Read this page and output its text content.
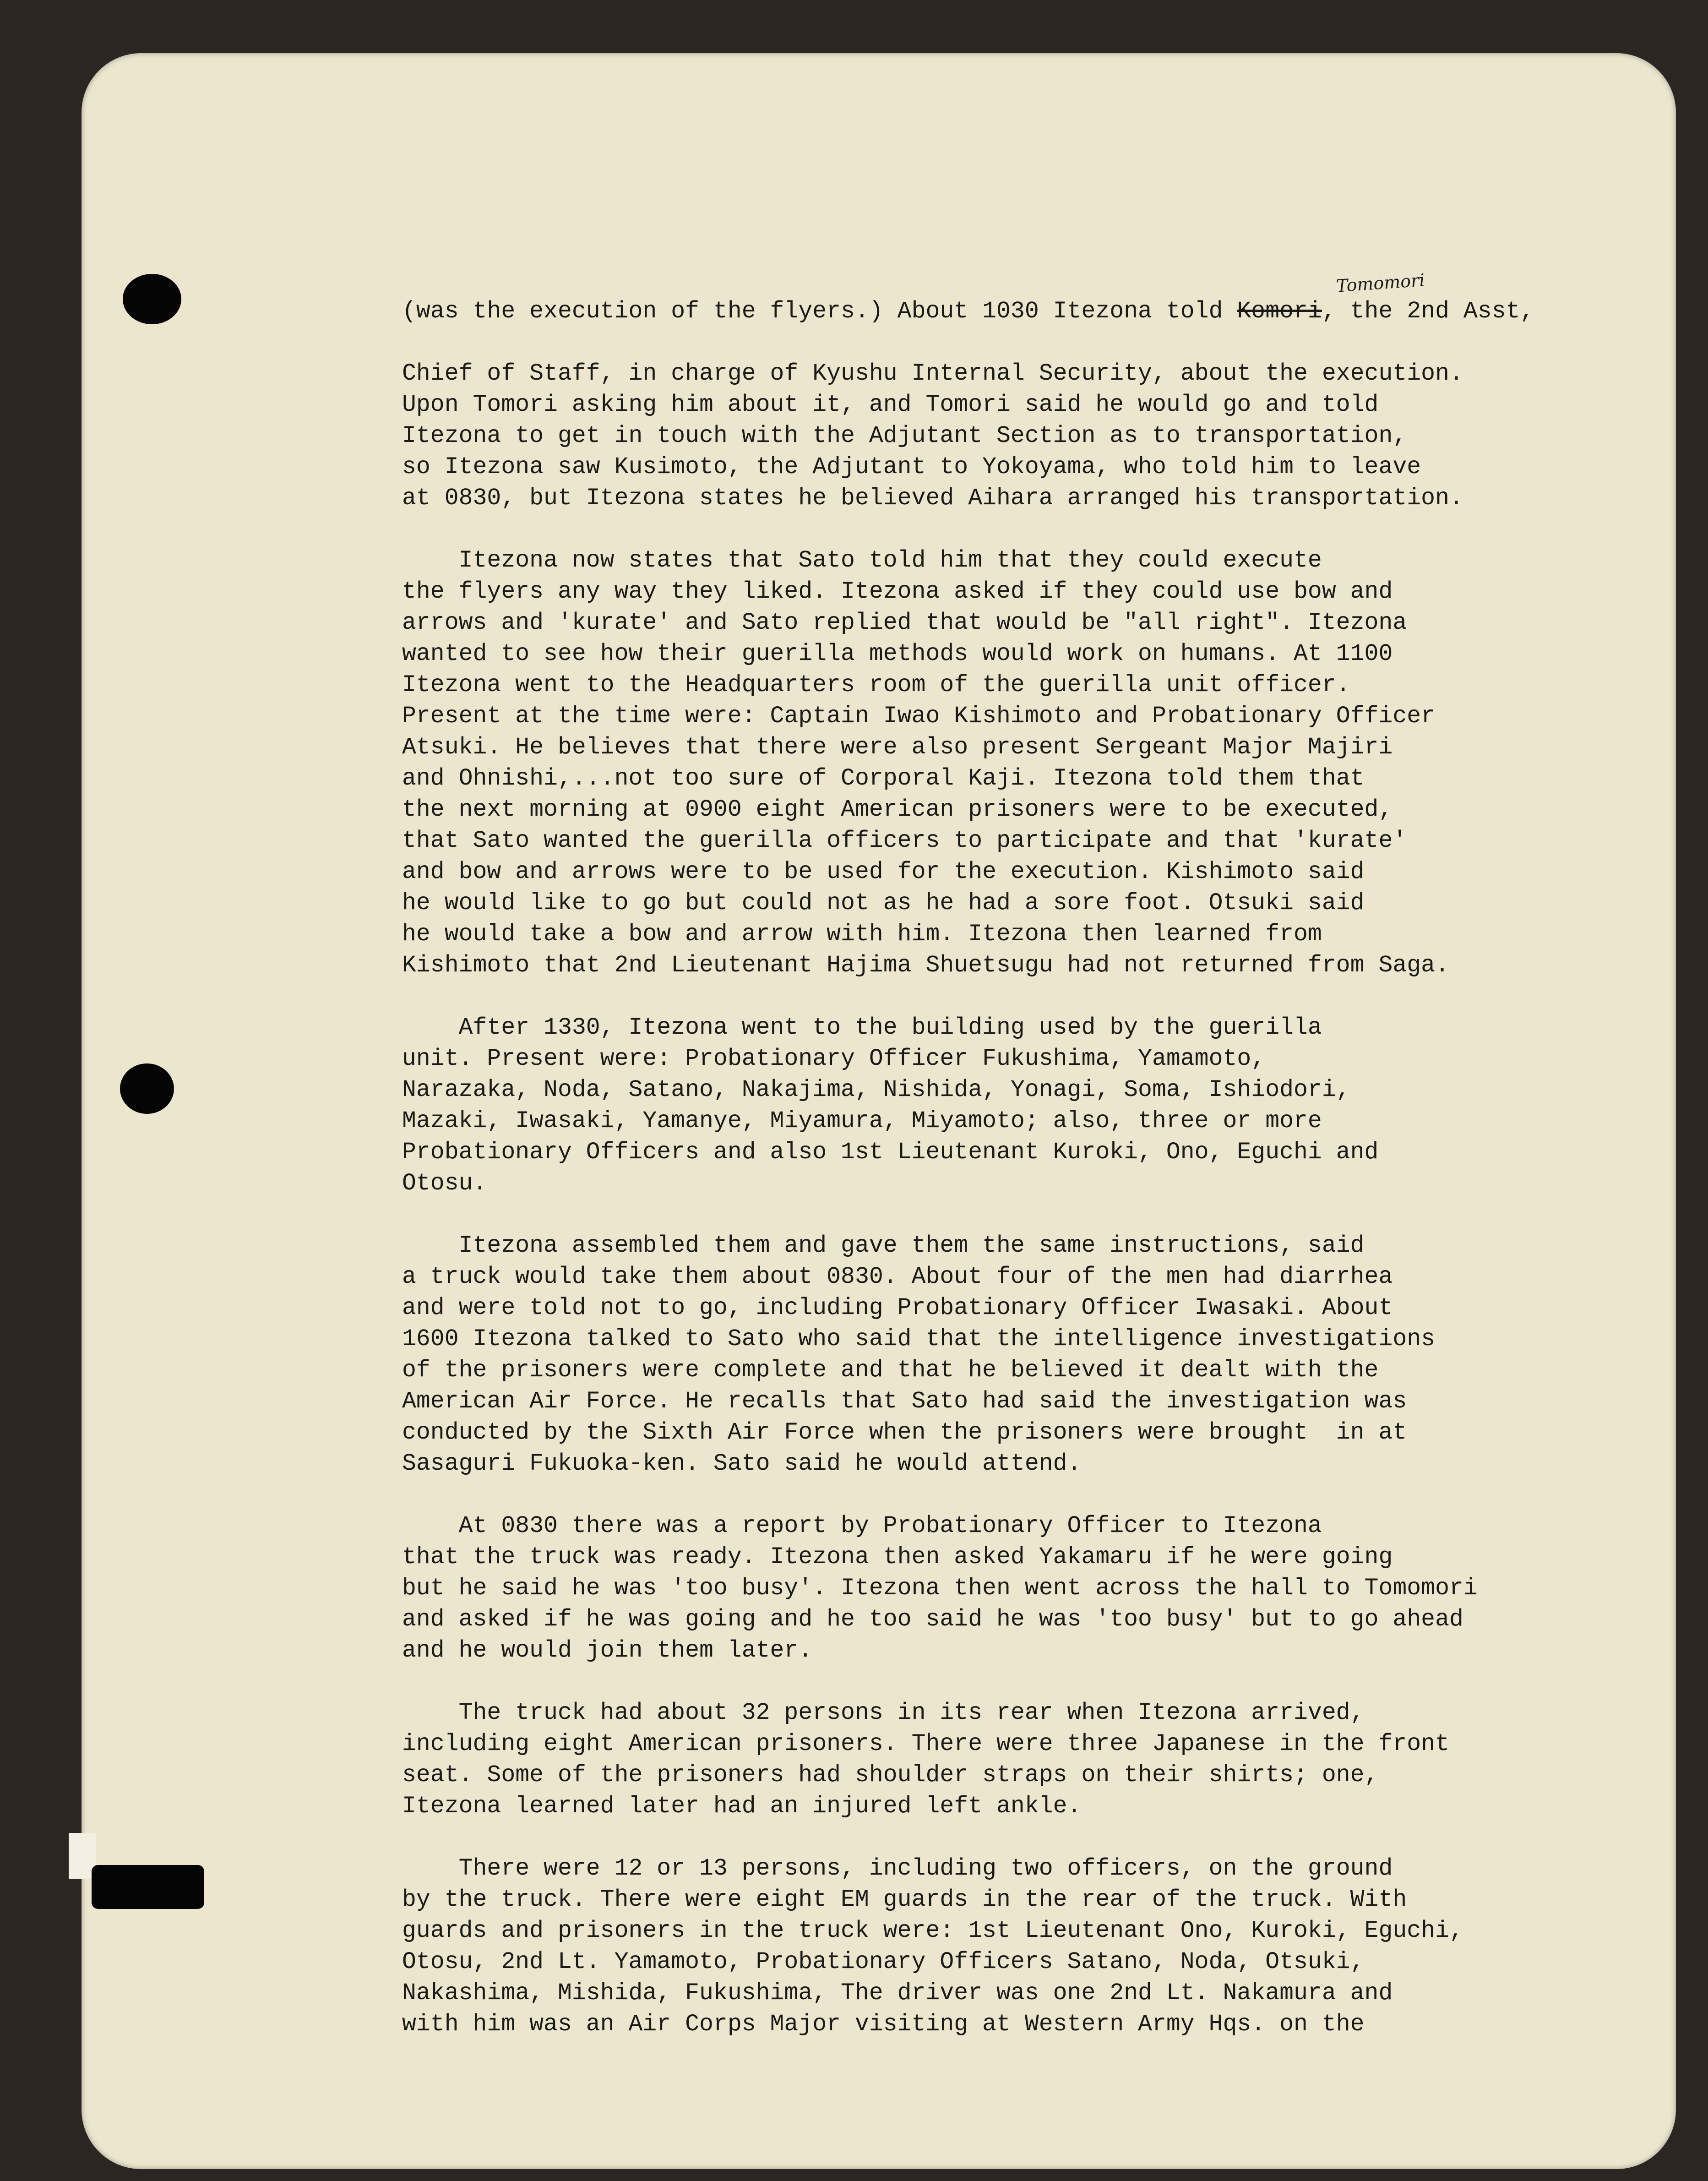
Tomomori
(was the execution of the flyers.) About 1030 Itezona told Komori, the 2nd Asst,
Chief of Staff, in charge of Kyushu Internal Security, about the execution.
Upon Tomori asking him about it, and Tomori said he would go and told
Itezona to get in touch with the Adjutant Section as to transportation,
so Itezona saw Kusimoto, the Adjutant to Yokoyama, who told him to leave
at 0830, but Itezona states he believed Aihara arranged his transportation.
Itezona now states that Sato told him that they could execute
the flyers any way they liked. Itezona asked if they could use bow and
arrows and 'kurate' and Sato replied that would be "all right". Itezona
wanted to see how their guerilla methods would work on humans. At 1100
Itezona went to the Headquarters room of the guerilla unit officer.
Present at the time were: Captain Iwao Kishimoto and Probationary Officer
Atsuki. He believes that there were also present Sergeant Major Majiri
and Ohnishi,...not too sure of Corporal Kaji. Itezona told them that
the next morning at 0900 eight American prisoners were to be executed,
that Sato wanted the guerilla officers to participate and that 'kurate'
and bow and arrows were to be used for the execution. Kishimoto said
he would like to go but could not as he had a sore foot. Otsuki said
he would take a bow and arrow with him. Itezona then learned from
Kishimoto that 2nd Lieutenant Hajima Shuetsugu had not returned from Saga.
After 1330, Itezona went to the building used by the guerilla
unit. Present were: Probationary Officer Fukushima, Yamamoto,
Narazaka, Noda, Satano, Nakajima, Nishida, Yonagi, Soma, Ishiodori,
Mazaki, Iwasaki, Yamanye, Miyamura, Miyamoto; also, three or more
Probationary Officers and also 1st Lieutenant Kuroki, Ono, Eguchi and
Otosu.
Itezona assembled them and gave them the same instructions, said
a truck would take them about 0830. About four of the men had diarrhea
and were told not to go, including Probationary Officer Iwasaki. About
1600 Itezona talked to Sato who said that the intelligence investigations
of the prisoners were complete and that he believed it dealt with the
American Air Force. He recalls that Sato had said the investigation was
conducted by the Sixth Air Force when the prisoners were brought  in at
Sasaguri Fukuoka-ken. Sato said he would attend.
At 0830 there was a report by Probationary Officer to Itezona
that the truck was ready. Itezona then asked Yakamaru if he were going
but he said he was 'too busy'. Itezona then went across the hall to Tomomori
and asked if he was going and he too said he was 'too busy' but to go ahead
and he would join them later.
The truck had about 32 persons in its rear when Itezona arrived,
including eight American prisoners. There were three Japanese in the front
seat. Some of the prisoners had shoulder straps on their shirts; one,
Itezona learned later had an injured left ankle.
There were 12 or 13 persons, including two officers, on the ground
by the truck. There were eight EM guards in the rear of the truck. With
guards and prisoners in the truck were: 1st Lieutenant Ono, Kuroki, Eguchi,
Otosu, 2nd Lt. Yamamoto, Probationary Officers Satano, Noda, Otsuki,
Nakashima, Mishida, Fukushima, The driver was one 2nd Lt. Nakamura and
with him was an Air Corps Major visiting at Western Army Hqs. on the
